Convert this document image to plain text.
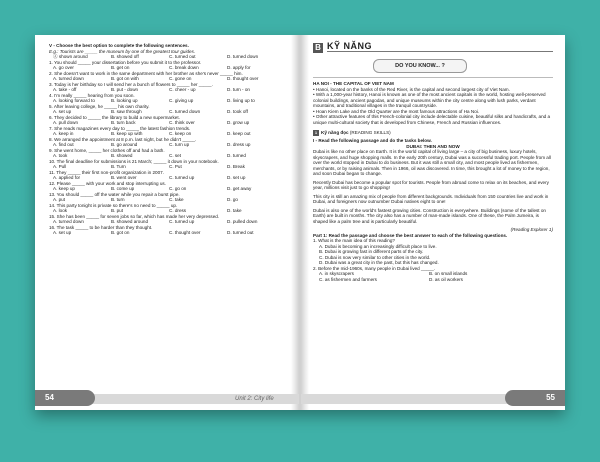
V - Choose the best option to complete the following sentences.
E.g.: Tourists are _____ the museum by one of the greatest tour guides.
Ⓐ shown around	B. showed off	C. turned out	D. turned down
1. You should _____ your dissertation before you submit it to the professor.
A. go over	B. get on	C. break down	D. apply for
2. She doesn't want to work in the same department with her brother as she's never _____ him.
A. turned down	B. got on with	C. gone on	D. thought over
3. Today is her birthday so I will send her a bunch of flowers to _____ her _____.
A. take - off	B. put - down	C. cheer - up	D. turn - on
4. I'm really _____ hearing from you soon.
A. looking forward to	B. looking up	C. giving up	D. living up to
5. After leaving college, he _____ his own charity.
A. set up	B. saw through	C. turned down	D. took off
6. They decided to _____ the library to build a new supermarket.
A. pull down	B. turn back	C. think over	D. grow up
7. She reads magazines every day to _____ the latest fashion trends.
A. keep in	B. keep up with	C. keep on	D. keep out
8. We arranged the appointment at 8 p.m. last night, but he didn't _____.
A. find out	B. go around	C. turn up	D. dress up
9. She went home, _____ her clothes off and had a bath.
A. took	B. showed	C. set	D. turned
10. The final deadline for submissions is 21 March; _____ it down in your notebook.
A. Pull	B. Turn	C. Put	D. Break
11. They _____ their first non-profit organization in 2007.
A. applied for	B. went over	C. turned up	D. set up
12. Please _____ with your work and stop interrupting us.
A. keep up	B. come up	C. go on	D. get away
13. You should _____ off the water while you repair a burst pipe.
A. put	B. turn	C. take	D. go
14. This party tonight is private so there's no need to _____ up.
A. look	B. put	C. dress	D. take
15. She has been _____ for seven jobs so far, which has made her very depressed.
A. turned down	B. showed around	C. turned up	D. pulled down
16. The task _____ to be harder than they thought.
A. set up	B. got on	C. thought over	D. turned out
54	Unit 2: City life
B KỸ NĂNG
DO YOU KNOW... ?
HA NOI - THE CAPITAL OF VIET NAM
• Hanoi, located on the banks of the Red River, is the capital and second largest city of Viet Nam.
• With a 1,000-year history, Hanoi is known as one of the most ancient capitals in the world, hosting well-preserved colonial buildings, ancient pagodas, and unique museums within the city centre along with lush parks, verdant mountains, and traditional villages in the tranquil countryside.
• Hoan Kiem Lake and the Old Quarter are the most famous attractions of Ha Noi.
• Other attractive features of this French-colonial city include delectable cuisine, beautiful silks and handicrafts, and a unique multi-cultural society that is developed from Chinese, French and Russian influences.
1 Kỹ năng đọc
(READING SKILLS)
I - Read the following passage and do the tasks below.
DUBAI: THEN AND NOW

Dubai is like no other place on Earth. It is the world capital of living large – a city of big business, luxury hotels, skyscrapers, and huge shopping malls. In the early 20th century, Dubai was a successful trading port. People from all over the world stopped in Dubai to do business. But it was still a small city, and most people lived as fishermen, merchants, or by raising animals. Then in 1966, oil was discovered. In time, this brought a lot of money to the region, and soon Dubai began to change.

Recently Dubai has become a popular spot for tourists. People from abroad come to relax on its beaches, and every year, millions visit just to go shopping!

This city is still an amazing mix of people from different backgrounds. Individuals from 150 countries live and work in Dubai, and foreigners now outnumber Dubai natives eight to one!

Dubai is also one of the world's fastest growing cities. Construction is everywhere. Buildings (some of the tallest on Earth) are built in months. The city also has a number of man-made islands. One of these, the Palm Jumeira, is shaped like a palm tree and is particularly beautiful.

(Reading Explorer 1)
Part 1: Read the passage and choose the best answer to each of the following questions.
1. What is the main idea of this reading?
A. Dubai is becoming an increasingly difficult place to live.
B. Dubai is growing fast in different parts of the city.
C. Dubai is now very similar to other cities in the world.
D. Dubai was a great city in the past, but this has changed.
2. Before the mid-1960s, many people in Dubai lived _____.
A. in skyscrapers	B. on small islands
C. as fishermen and farmers	D. as oil workers
55
